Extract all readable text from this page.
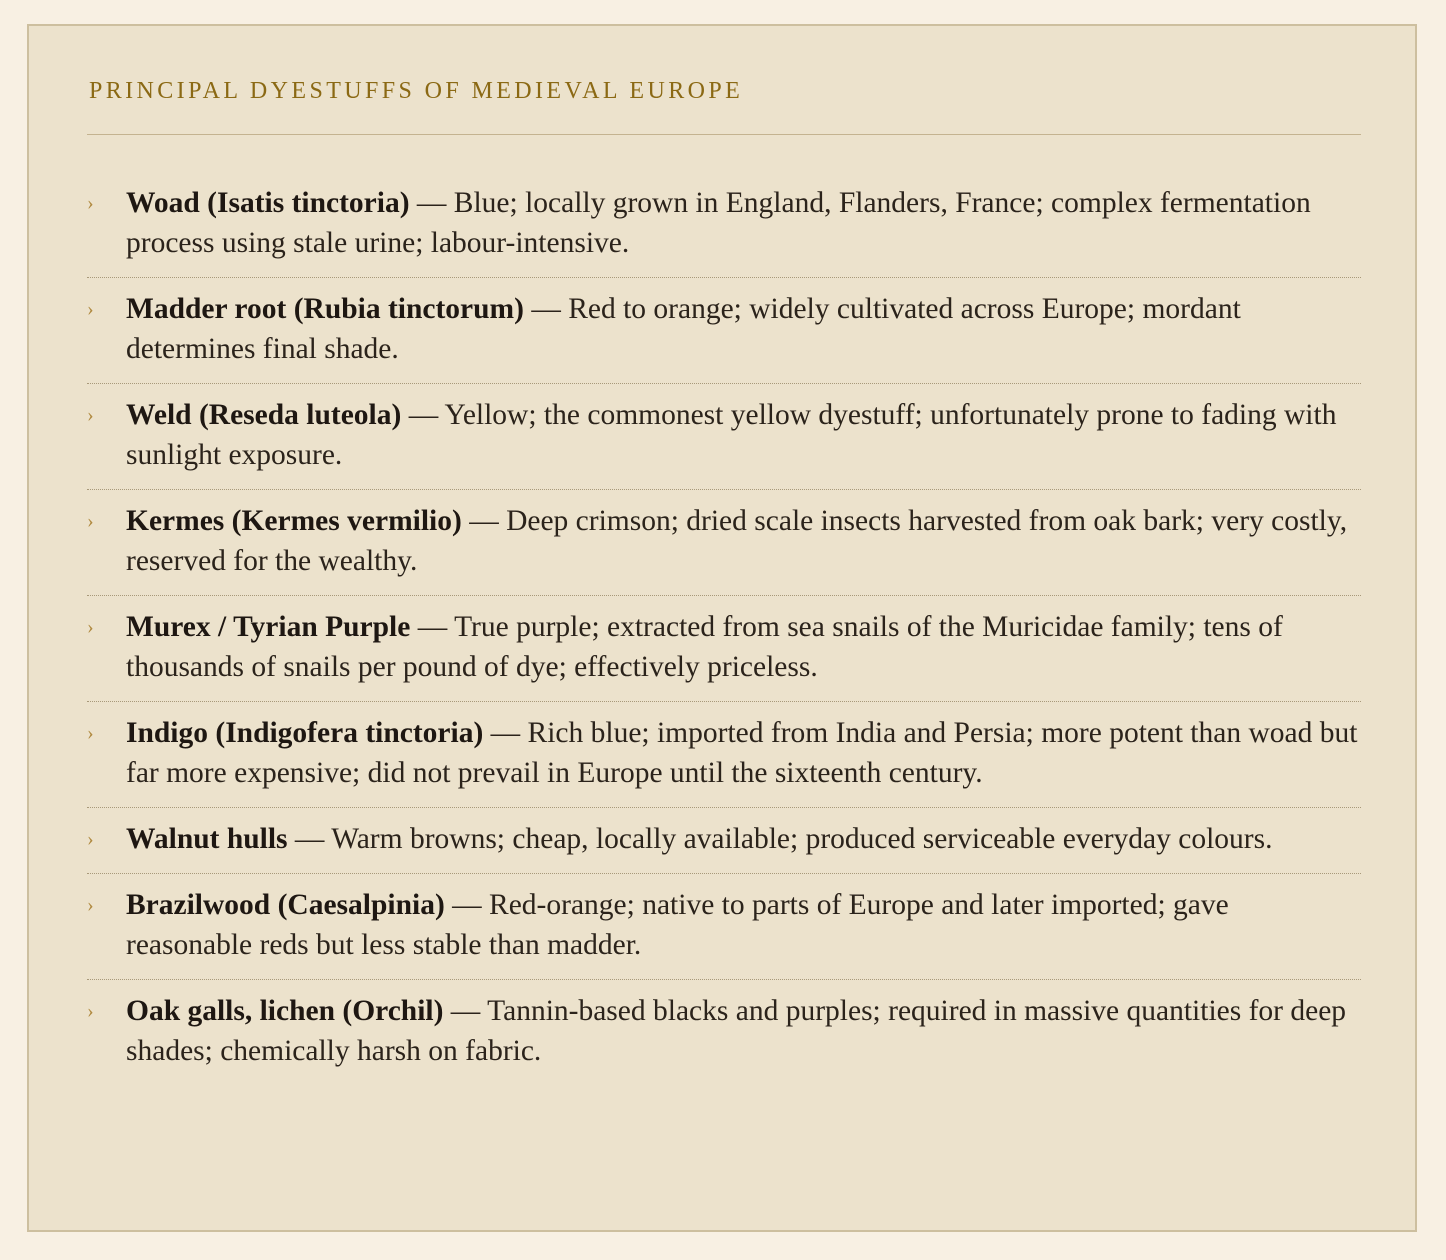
PRINCIPAL DYESTUFFS OF MEDIEVAL EUROPE
›	Woad (Isatis tinctoria) — Blue; locally grown in England, Flanders, France; complex fermentation process using stale urine; labour-intensive.
›	Madder root (Rubia tinctorum) — Red to orange; widely cultivated across Europe; mordant determines final shade.
›	Weld (Reseda luteola) — Yellow; the commonest yellow dyestuff; unfortunately prone to fading with sunlight exposure.
›	Kermes (Kermes vermilio) — Deep crimson; dried scale insects harvested from oak bark; very costly, reserved for the wealthy.
›	Murex / Tyrian Purple — True purple; extracted from sea snails of the Muricidae family; tens of thousands of snails per pound of dye; effectively priceless.
›	Indigo (Indigofera tinctoria) — Rich blue; imported from India and Persia; more potent than woad but far more expensive; did not prevail in Europe until the sixteenth century.
›	Walnut hulls — Warm browns; cheap, locally available; produced serviceable everyday colours.
›	Brazilwood (Caesalpinia) — Red-orange; native to parts of Europe and later imported; gave reasonable reds but less stable than madder.
›	Oak galls, lichen (Orchil) — Tannin-based blacks and purples; required in massive quantities for deep shades; chemically harsh on fabric.
